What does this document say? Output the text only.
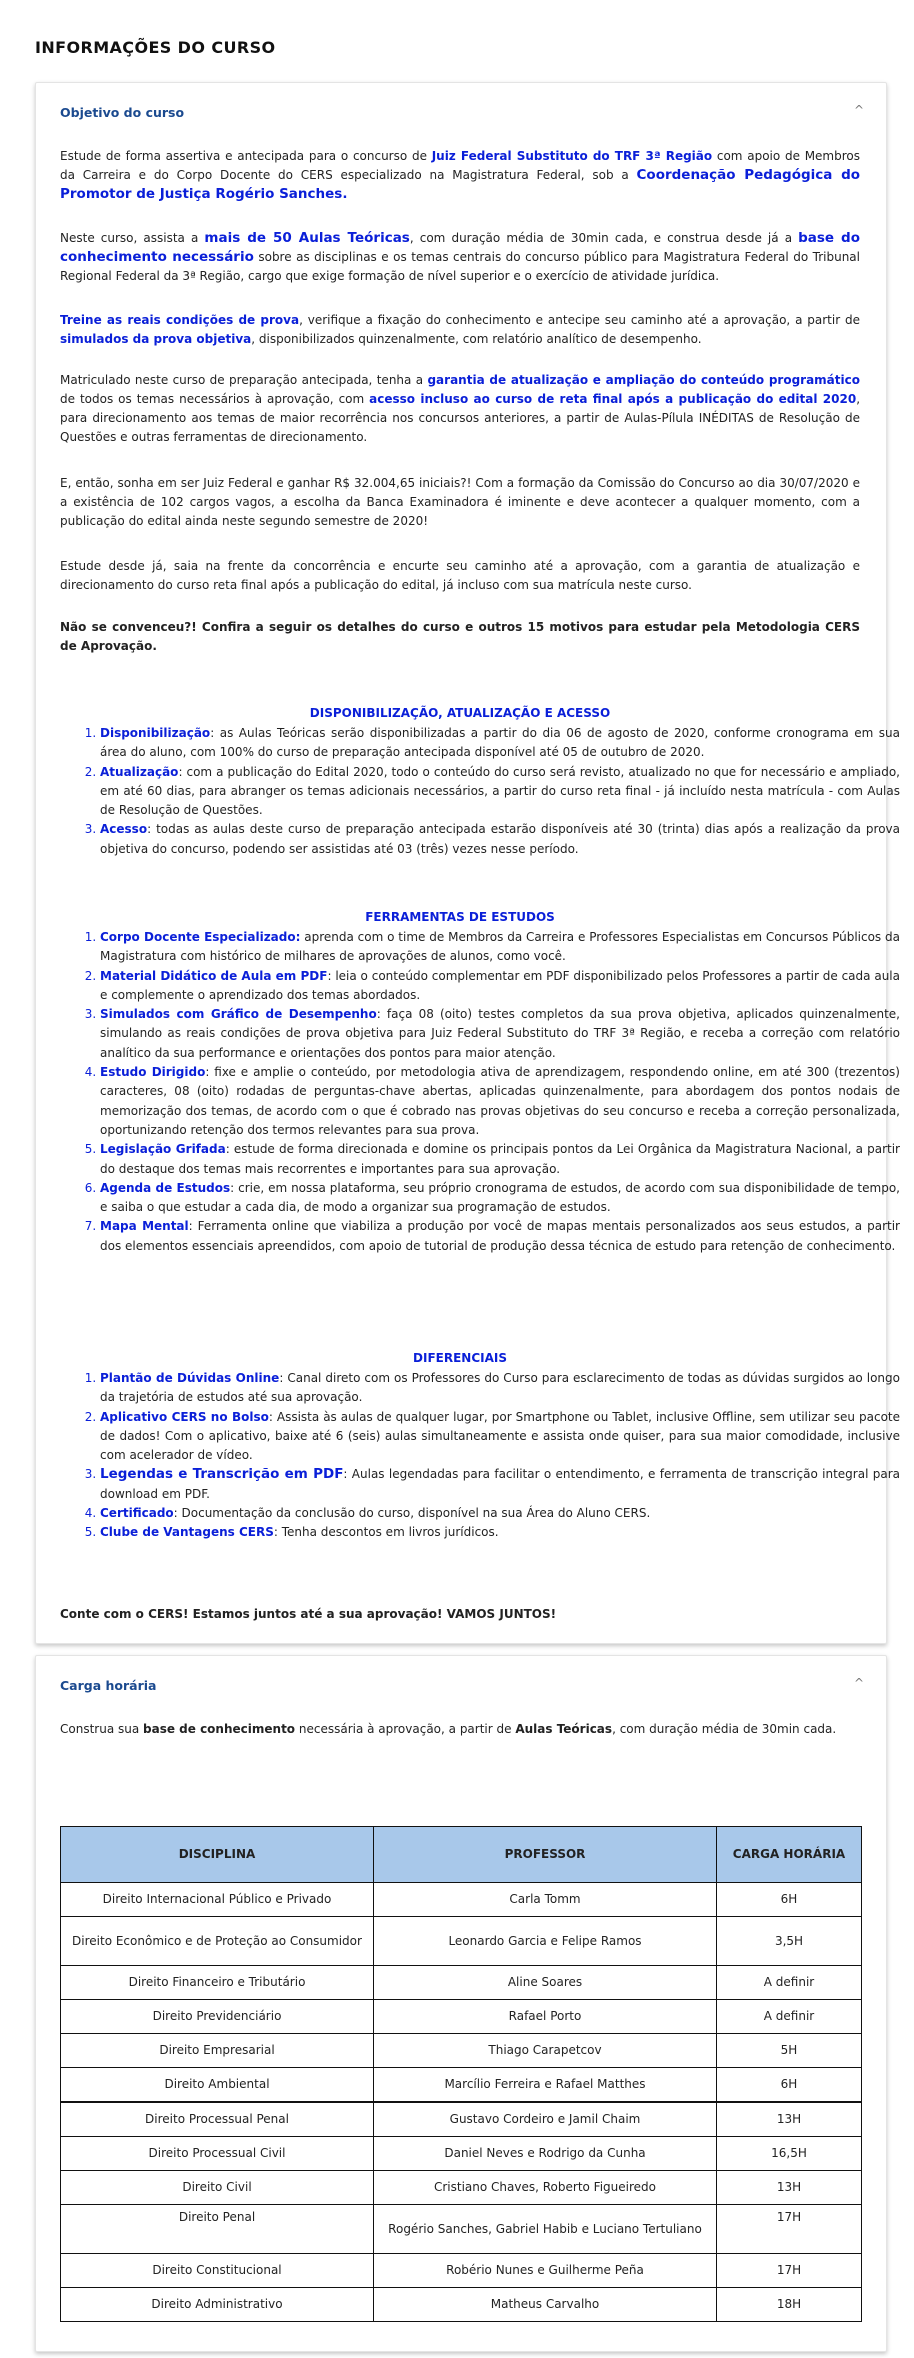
INFORMAÇÕES DO CURSO
Objetivo do curso	^

Estude de forma assertiva e antecipada para o concurso de Juiz Federal Substituto do TRF 3ª Região com apoio de Membros da Carreira e do Corpo Docente do CERS especializado na Magistratura Federal, sob a Coordenação Pedagógica do Promotor de Justiça Rogério Sanches.

Neste curso, assista a mais de 50 Aulas Teóricas, com duração média de 30min cada, e construa desde já a base do conhecimento necessário sobre as disciplinas e os temas centrais do concurso público para Magistratura Federal do Tribunal Regional Federal da 3ª Região, cargo que exige formação de nível superior e o exercício de atividade jurídica.

Treine as reais condições de prova, verifique a fixação do conhecimento e antecipe seu caminho até a aprovação, a partir de simulados da prova objetiva, disponibilizados quinzenalmente, com relatório analítico de desempenho.

Matriculado neste curso de preparação antecipada, tenha a garantia de atualização e ampliação do conteúdo programático de todos os temas necessários à aprovação, com acesso incluso ao curso de reta final após a publicação do edital 2020, para direcionamento aos temas de maior recorrência nos concursos anteriores, a partir de Aulas-Pílula INÉDITAS de Resolução de Questões e outras ferramentas de direcionamento.

E, então, sonha em ser Juiz Federal e ganhar R$ 32.004,65 iniciais?! Com a formação da Comissão do Concurso ao dia 30/07/2020 e a existência de 102 cargos vagos, a escolha da Banca Examinadora é iminente e deve acontecer a qualquer momento, com a publicação do edital ainda neste segundo semestre de 2020!

Estude desde já, saia na frente da concorrência e encurte seu caminho até a aprovação, com a garantia de atualização e direcionamento do curso reta final após a publicação do edital, já incluso com sua matrícula neste curso.

Não se convenceu?! Confira a seguir os detalhes do curso e outros 15 motivos para estudar pela Metodologia CERS de Aprovação.

DISPONIBILIZAÇÃO, ATUALIZAÇÃO E ACESSO
1. Disponibilização: as Aulas Teóricas serão disponibilizadas a partir do dia 06 de agosto de 2020, conforme cronograma em sua área do aluno, com 100% do curso de preparação antecipada disponível até 05 de outubro de 2020.
2. Atualização: com a publicação do Edital 2020, todo o conteúdo do curso será revisto, atualizado no que for necessário e ampliado, em até 60 dias, para abranger os temas adicionais necessários, a partir do curso reta final - já incluído nesta matrícula - com Aulas de Resolução de Questões.
3. Acesso: todas as aulas deste curso de preparação antecipada estarão disponíveis até 30 (trinta) dias após a realização da prova objetiva do concurso, podendo ser assistidas até 03 (três) vezes nesse período.
FERRAMENTAS DE ESTUDOS
1. Corpo Docente Especializado: aprenda com o time de Membros da Carreira e Professores Especialistas em Concursos Públicos da Magistratura com histórico de milhares de aprovações de alunos, como você.
2. Material Didático de Aula em PDF: leia o conteúdo complementar em PDF disponibilizado pelos Professores a partir de cada aula e complemente o aprendizado dos temas abordados.
3. Simulados com Gráfico de Desempenho: faça 08 (oito) testes completos da sua prova objetiva, aplicados quinzenalmente, simulando as reais condições de prova objetiva para Juiz Federal Substituto do TRF 3ª Região, e receba a correção com relatório analítico da sua performance e orientações dos pontos para maior atenção.
4. Estudo Dirigido: fixe e amplie o conteúdo, por metodologia ativa de aprendizagem, respondendo online, em até 300 (trezentos) caracteres, 08 (oito) rodadas de perguntas-chave abertas, aplicadas quinzenalmente, para abordagem dos pontos nodais de memorização dos temas, de acordo com o que é cobrado nas provas objetivas do seu concurso e receba a correção personalizada, oportunizando retenção dos termos relevantes para sua prova.
5. Legislação Grifada: estude de forma direcionada e domine os principais pontos da Lei Orgânica da Magistratura Nacional, a partir do destaque dos temas mais recorrentes e importantes para sua aprovação.
6. Agenda de Estudos: crie, em nossa plataforma, seu próprio cronograma de estudos, de acordo com sua disponibilidade de tempo, e saiba o que estudar a cada dia, de modo a organizar sua programação de estudos.
7. Mapa Mental: Ferramenta online que viabiliza a produção por você de mapas mentais personalizados aos seus estudos, a partir dos elementos essenciais apreendidos, com apoio de tutorial de produção dessa técnica de estudo para retenção de conhecimento.
DIFERENCIAIS
1. Plantão de Dúvidas Online: Canal direto com os Professores do Curso para esclarecimento de todas as dúvidas surgidos ao longo da trajetória de estudos até sua aprovação.
2. Aplicativo CERS no Bolso: Assista às aulas de qualquer lugar, por Smartphone ou Tablet, inclusive Offline, sem utilizar seu pacote de dados! Com o aplicativo, baixe até 6 (seis) aulas simultaneamente e assista onde quiser, para sua maior comodidade, inclusive com acelerador de vídeo.
3. Legendas e Transcrição em PDF: Aulas legendadas para facilitar o entendimento, e ferramenta de transcrição integral para download em PDF.
4. Certificado: Documentação da conclusão do curso, disponível na sua Área do Aluno CERS.
5. Clube de Vantagens CERS: Tenha descontos em livros jurídicos.
Conte com o CERS! Estamos juntos até a sua aprovação! VAMOS JUNTOS!
Carga horária	^

Construa sua base de conhecimento necessária à aprovação, a partir de Aulas Teóricas, com duração média de 30min cada.

DISCIPLINA	PROFESSOR	CARGA HORÁRIA
Direito Internacional Público e Privado	Carla Tomm	6H
Direito Econômico e de Proteção ao Consumidor	Leonardo Garcia e Felipe Ramos	3,5H
Direito Financeiro e Tributário	Aline Soares	A definir
Direito Previdenciário	Rafael Porto	A definir
Direito Empresarial	Thiago Carapetcov	5H
Direito Ambiental	Marcílio Ferreira e Rafael Matthes	6H
Direito Processual Penal	Gustavo Cordeiro e Jamil Chaim	13H
Direito Processual Civil	Daniel Neves e Rodrigo da Cunha	16,5H
Direito Civil	Cristiano Chaves, Roberto Figueiredo	13H
Direito Penal	Rogério Sanches, Gabriel Habib e Luciano Tertuliano	17H
Direito Constitucional	Robério Nunes e Guilherme Peña	17H
Direito Administrativo	Matheus Carvalho	18H
